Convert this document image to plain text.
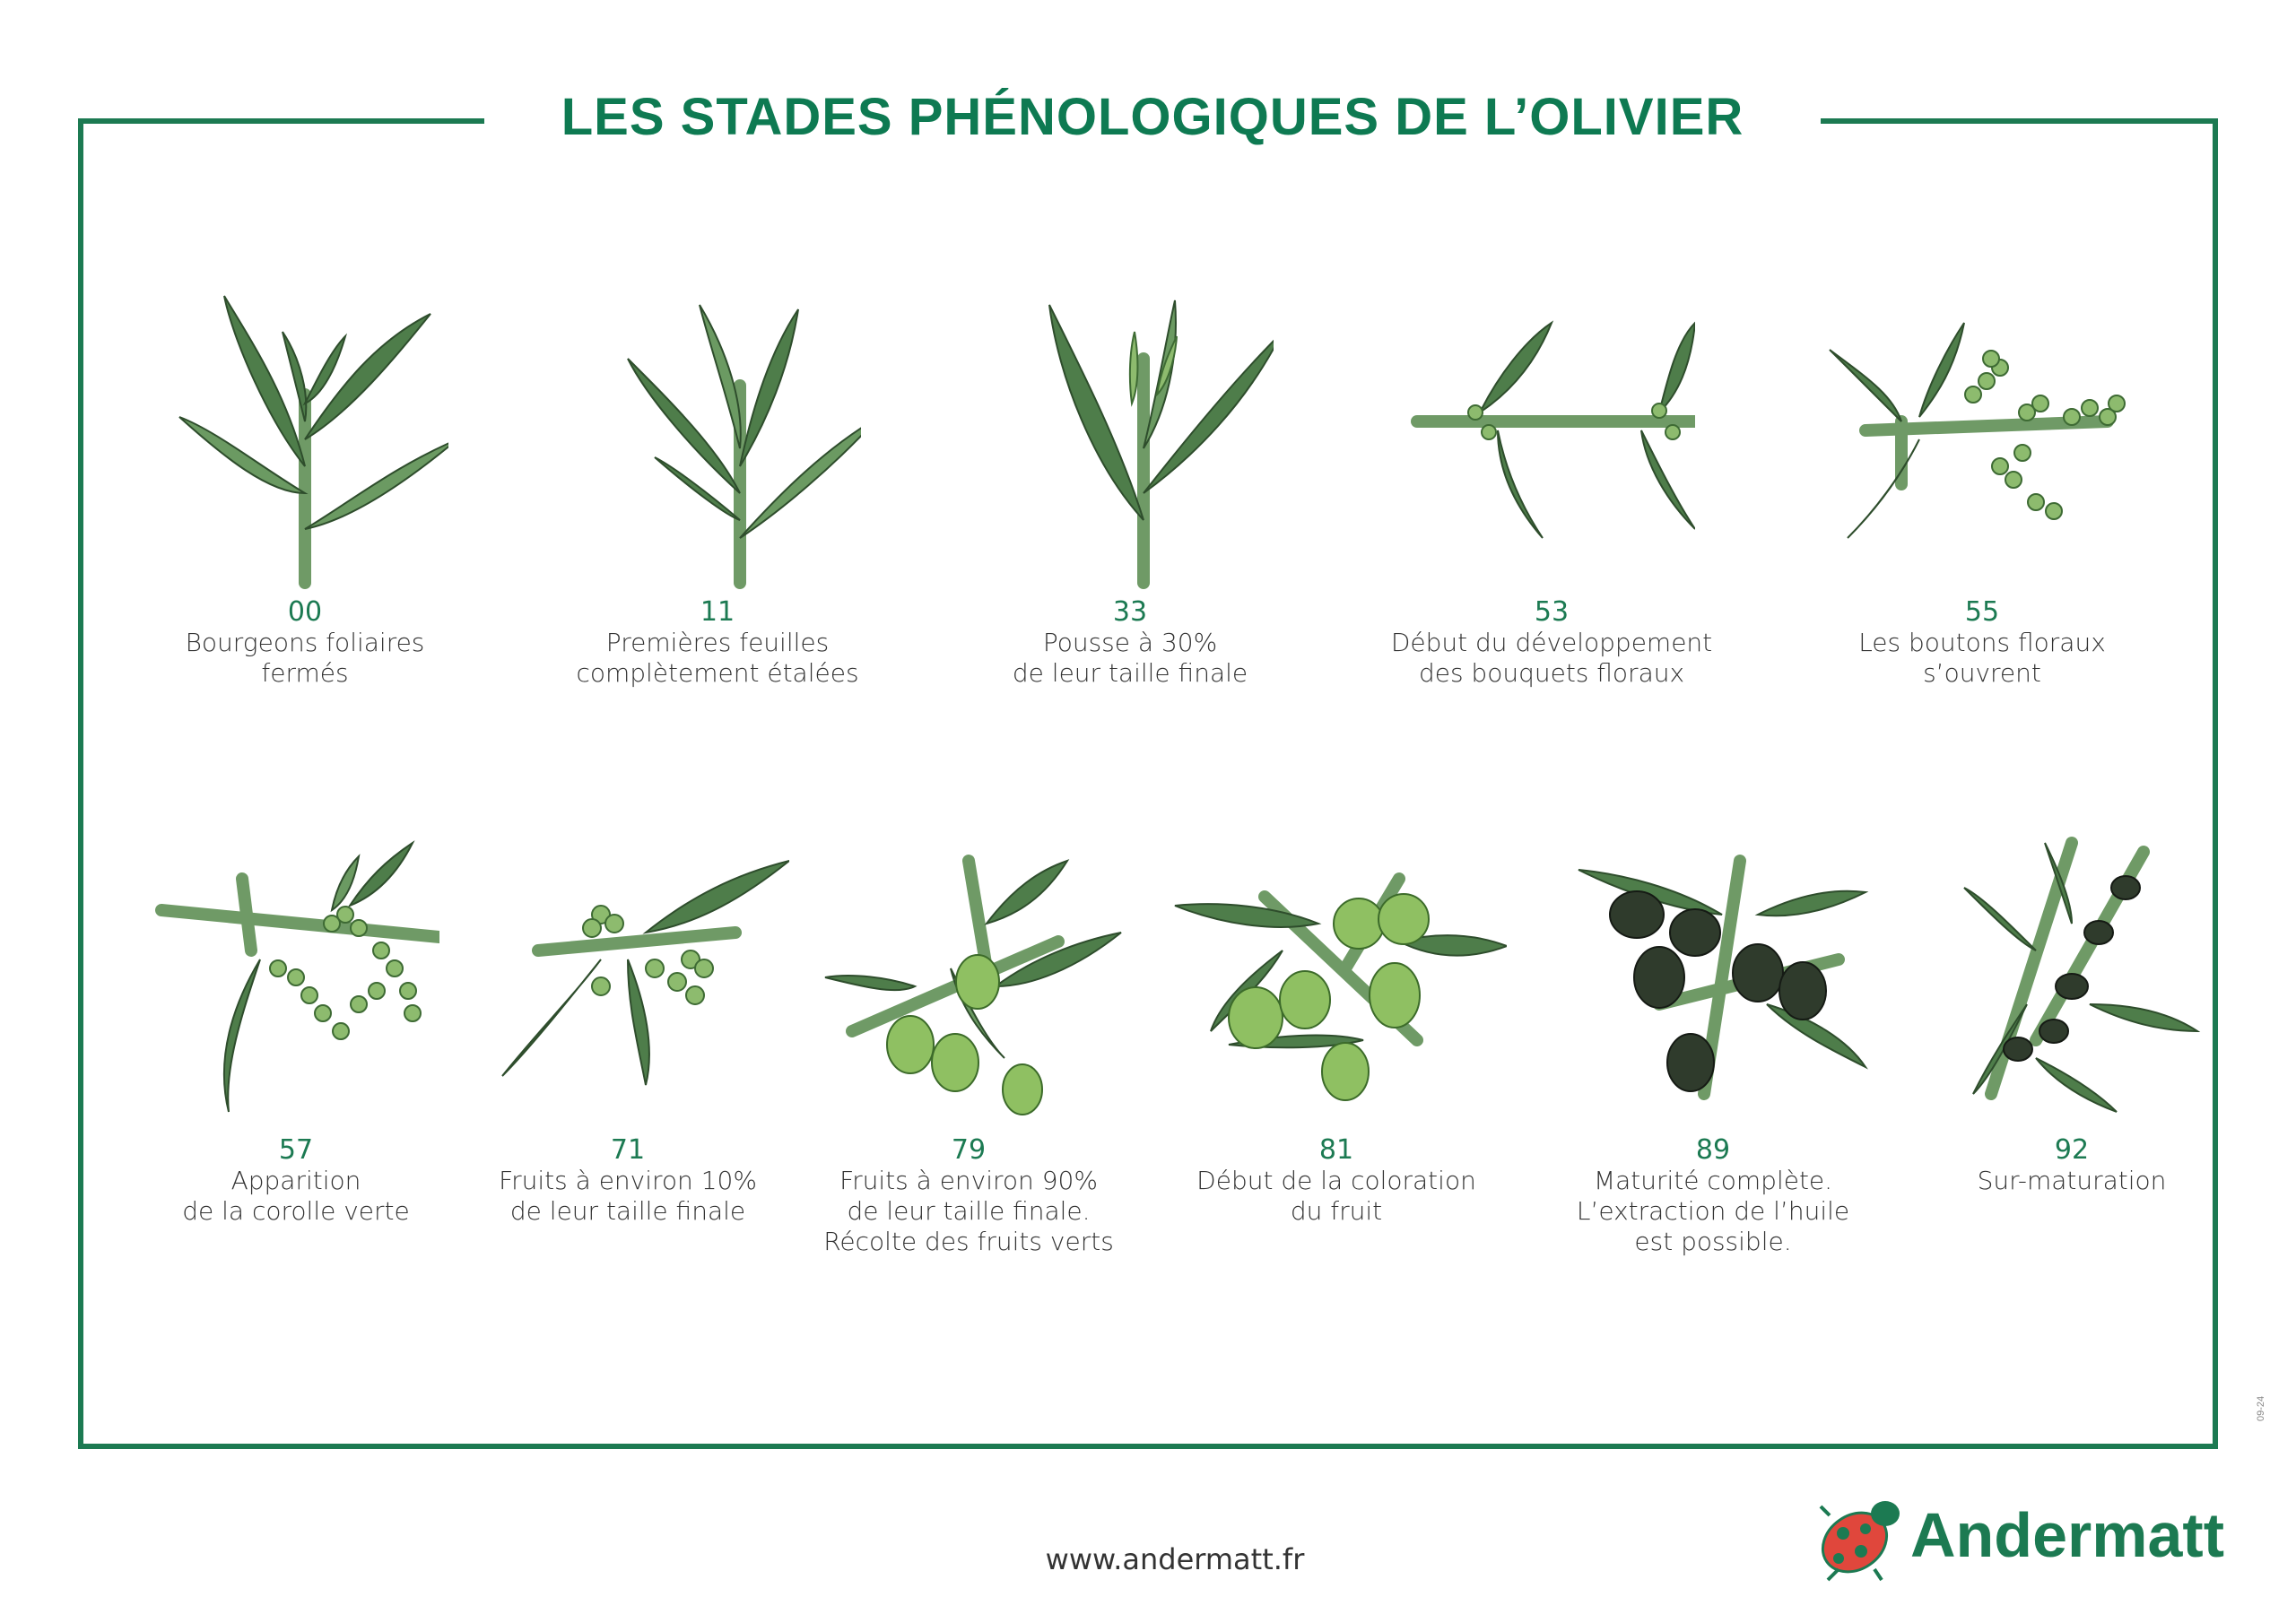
LES STADES PHÉNOLOGIQUES DE L’OLIVIER
00
Bourgeons foliaires
fermés
11
Premières feuilles
complètement étalées
33
Pousse à 30%
de leur taille finale
53
Début du développement
des bouquets floraux
55
Les boutons floraux
s’ouvrent
57
Apparition
de la corolle verte
71
Fruits à environ 10%
de leur taille finale
79
Fruits à environ 90%
de leur taille finale.
Récolte des fruits verts
81
Début de la coloration
du fruit
89
Maturité complète.
L’extraction de l’huile
est possible.
92
Sur-maturation
www.andermatt.fr	Andermatt
09-24
